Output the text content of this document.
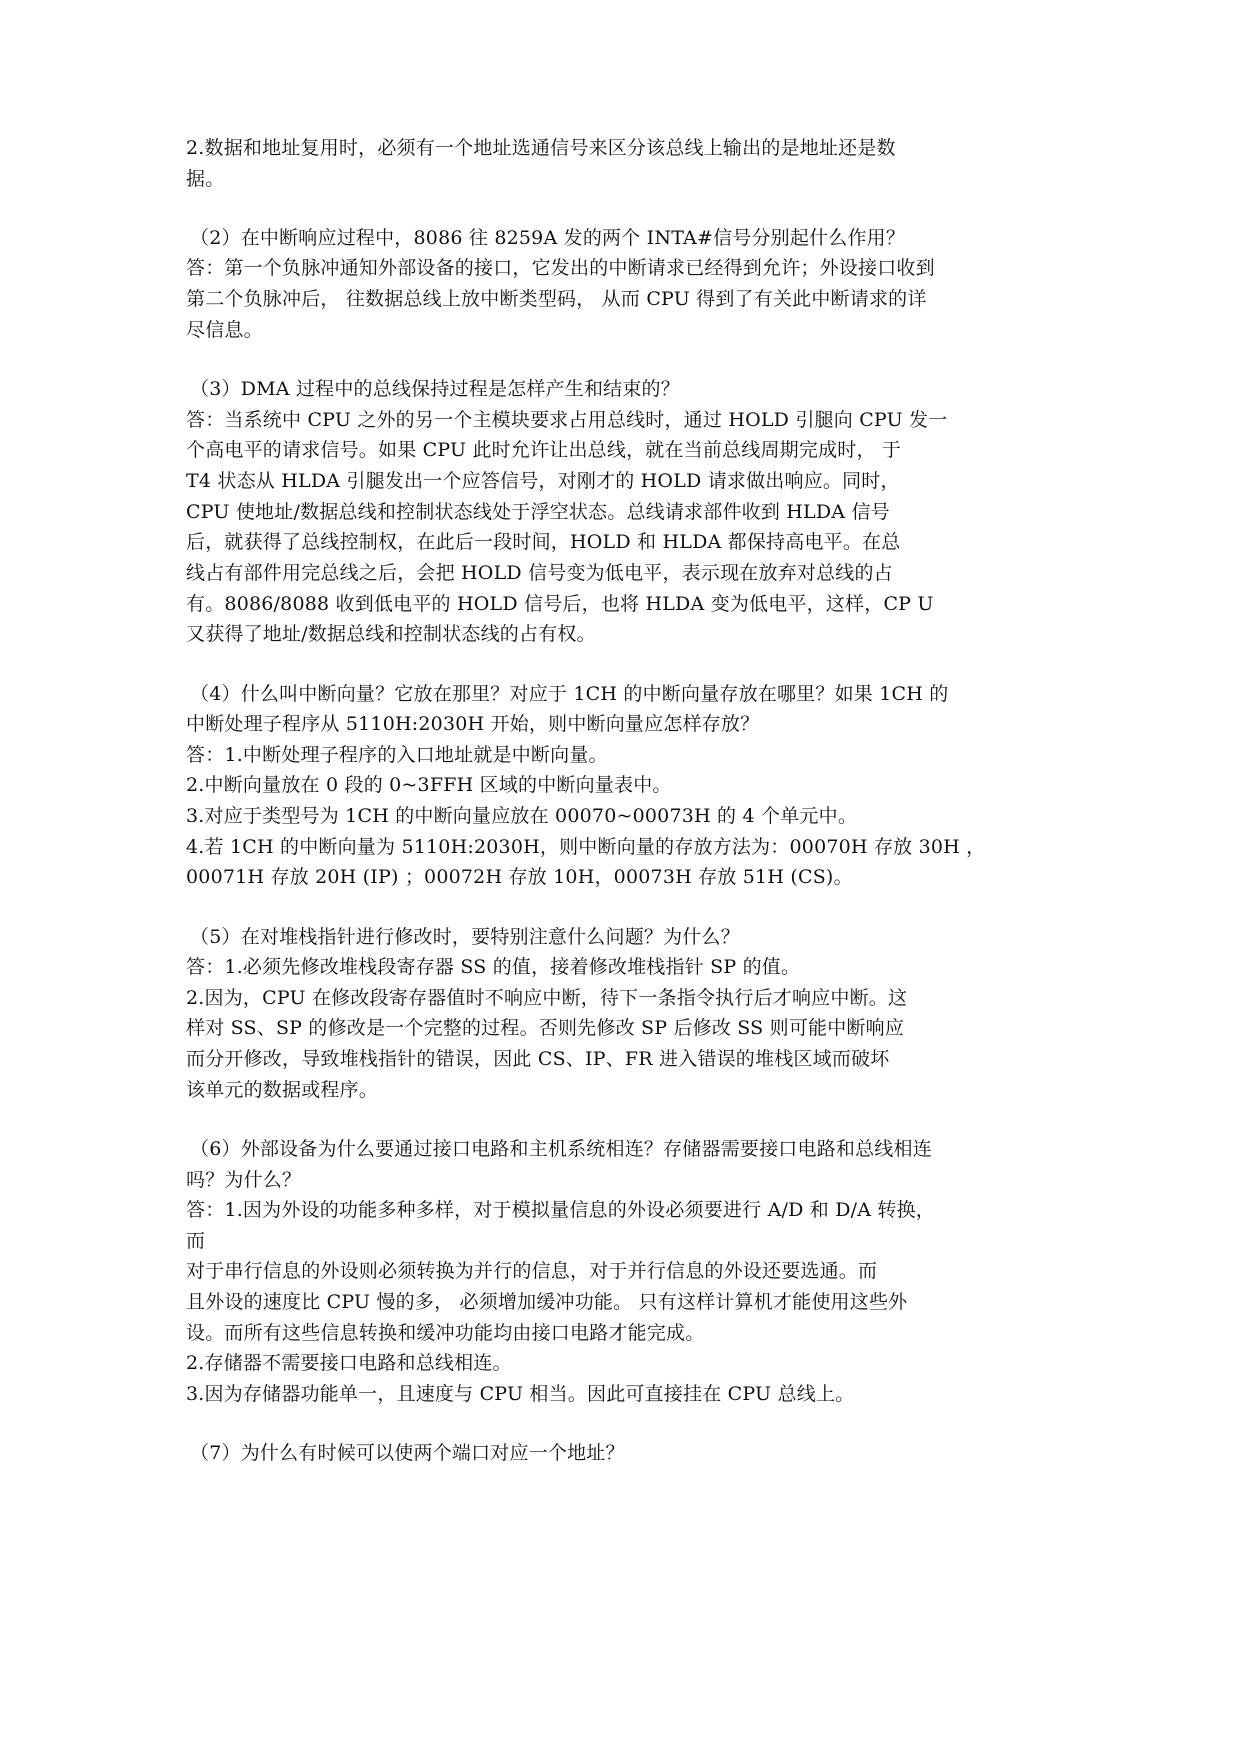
2.数据和地址复用时，必须有一个地址选通信号来区分该总线上输出的是地址还是数
据。
（2）在中断响应过程中，8086 往 8259A 发的两个 INTA#信号分别起什么作用？
答：第一个负脉冲通知外部设备的接口，它发出的中断请求已经得到允许；外设接口收到
第二个负脉冲后， 往数据总线上放中断类型码， 从而 CPU 得到了有关此中断请求的详
尽信息。
（3）DMA 过程中的总线保持过程是怎样产生和结束的？
答：当系统中 CPU 之外的另一个主模块要求占用总线时，通过 HOLD 引腿向 CPU 发一
个高电平的请求信号。如果 CPU 此时允许让出总线，就在当前总线周期完成时， 于
T4 状态从 HLDA 引腿发出一个应答信号，对刚才的 HOLD 请求做出响应。同时，
CPU 使地址/数据总线和控制状态线处于浮空状态。总线请求部件收到 HLDA 信号
后，就获得了总线控制权，在此后一段时间，HOLD 和 HLDA 都保持高电平。在总
线占有部件用完总线之后，会把 HOLD 信号变为低电平，表示现在放弃对总线的占
有。8086/8088 收到低电平的 HOLD 信号后，也将 HLDA 变为低电平，这样，CP U
又获得了地址/数据总线和控制状态线的占有权。
（4）什么叫中断向量？它放在那里？对应于 1CH 的中断向量存放在哪里？如果 1CH 的
中断处理子程序从 5110H:2030H 开始，则中断向量应怎样存放？
答：1.中断处理子程序的入口地址就是中断向量。
2.中断向量放在 0 段的 0~3FFH 区域的中断向量表中。
3.对应于类型号为 1CH 的中断向量应放在 00070~00073H 的 4 个单元中。
4.若 1CH 的中断向量为 5110H:2030H，则中断向量的存放方法为：00070H 存放 30H ，
00071H 存放 20H (IP) ；00072H 存放 10H，00073H 存放 51H (CS)。
（5）在对堆栈指针进行修改时，要特别注意什么问题？为什么？
答：1.必须先修改堆栈段寄存器 SS 的值，接着修改堆栈指针 SP 的值。
2.因为，CPU 在修改段寄存器值时不响应中断，待下一条指令执行后才响应中断。这
样对 SS、SP 的修改是一个完整的过程。否则先修改 SP 后修改 SS 则可能中断响应
而分开修改，导致堆栈指针的错误，因此 CS、IP、FR 进入错误的堆栈区域而破坏
该单元的数据或程序。
（6）外部设备为什么要通过接口电路和主机系统相连？存储器需要接口电路和总线相连
吗？为什么？
答：1.因为外设的功能多种多样，对于模拟量信息的外设必须要进行 A/D 和 D/A 转换，
而
对于串行信息的外设则必须转换为并行的信息，对于并行信息的外设还要选通。而
且外设的速度比 CPU 慢的多， 必须增加缓冲功能。 只有这样计算机才能使用这些外
设。而所有这些信息转换和缓冲功能均由接口电路才能完成。
2.存储器不需要接口电路和总线相连。
3.因为存储器功能单一，且速度与 CPU 相当。因此可直接挂在 CPU 总线上。
（7）为什么有时候可以使两个端口对应一个地址？
